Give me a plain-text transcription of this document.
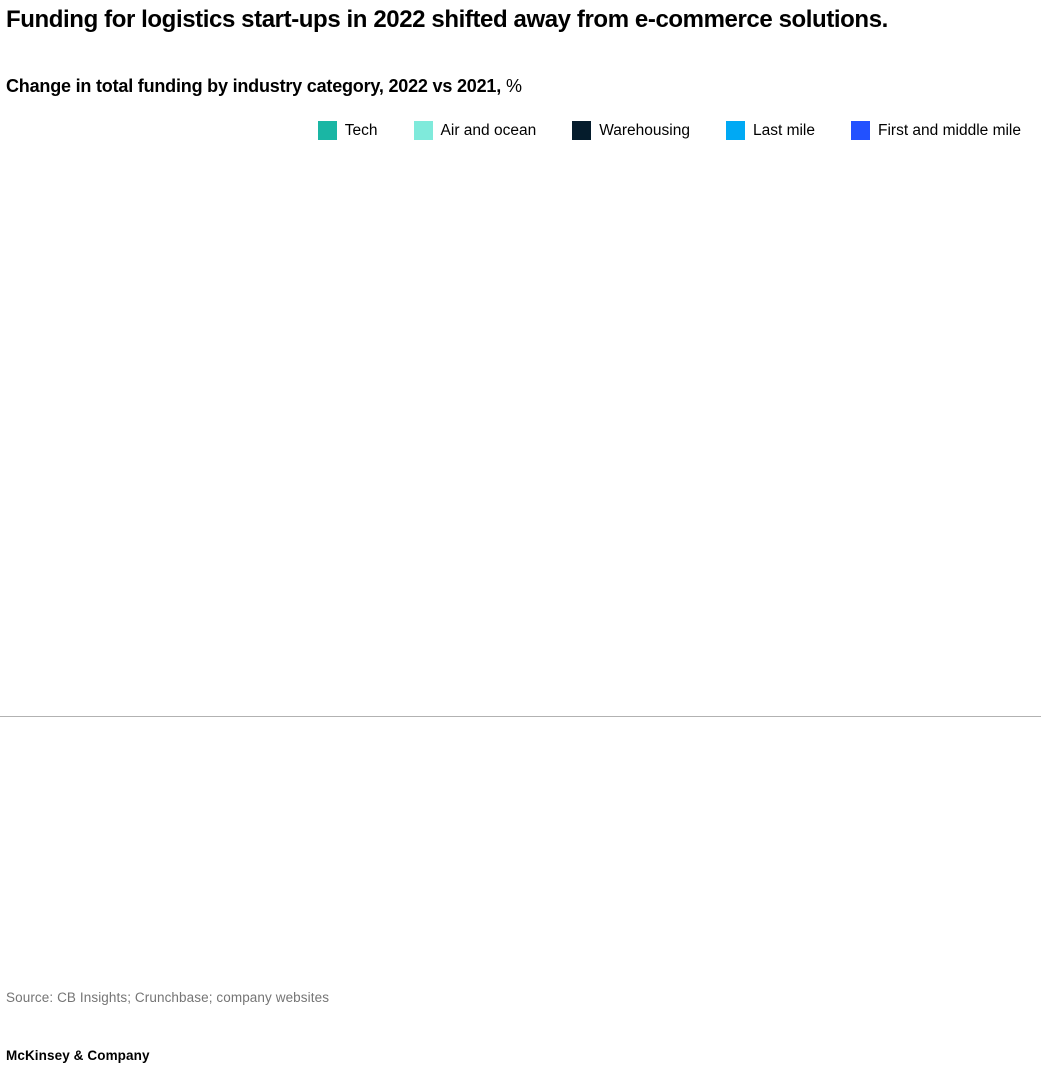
Funding for logistics start-ups in 2022 shifted away from e-commerce solutions.
Change in total funding by industry category, 2022 vs 2021, %
Tech	Air and ocean	Warehousing	Last mile	First and middle mile
Source: CB Insights; Crunchbase; company websites
McKinsey & Company
